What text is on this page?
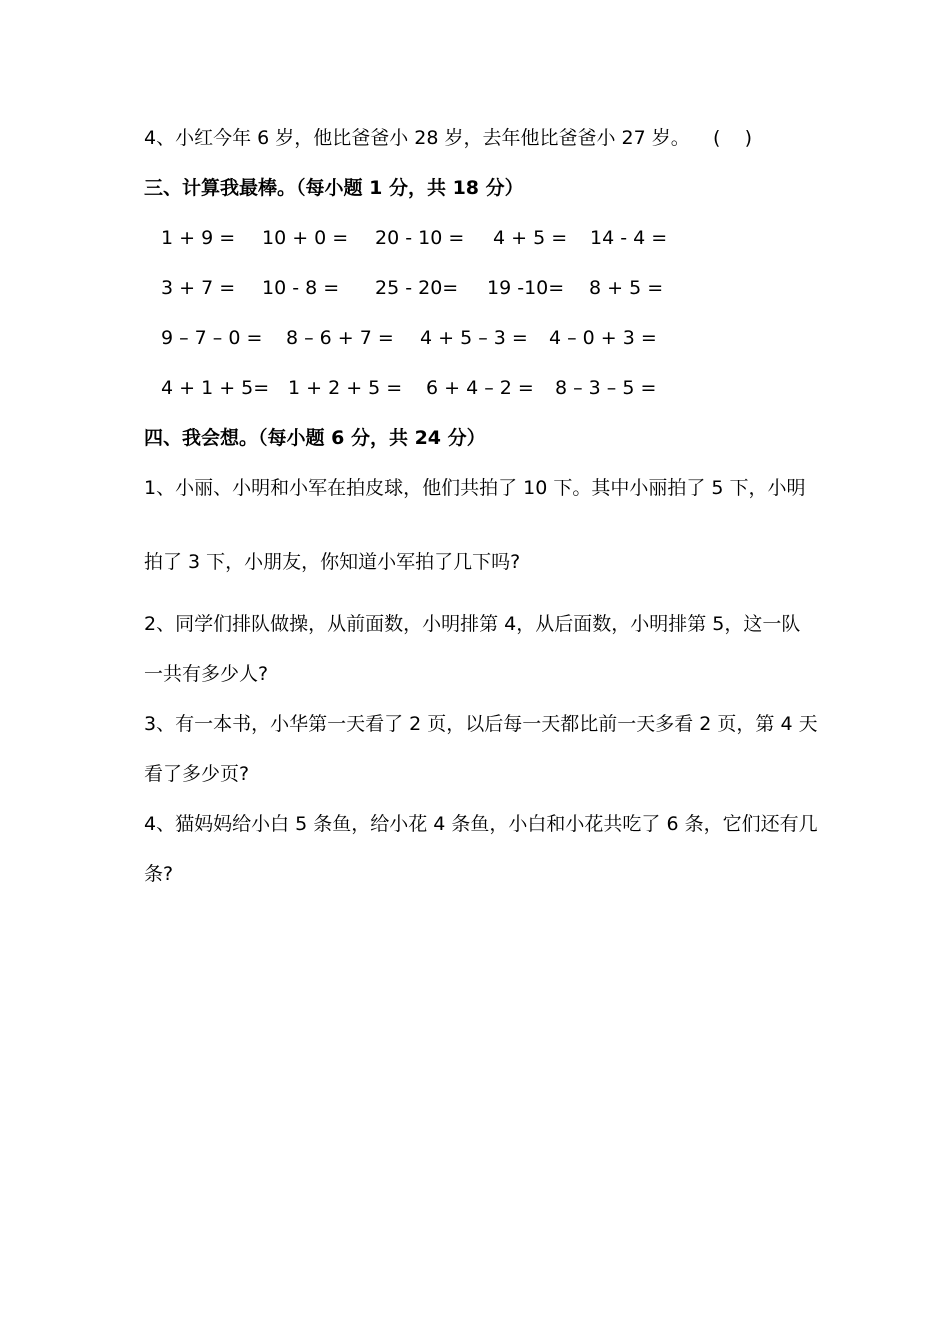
4、小红今年 6 岁，他比爸爸小 28 岁，去年他比爸爸小 27 岁。 (    )
三、计算我最棒。（每小题 1 分，共 18 分）
1 + 9 = 10 + 0 = 20 - 10 = 4 + 5 = 14 - 4 =
3 + 7 = 10 - 8 = 25 - 20= 19 -10= 8 + 5 =
9 – 7 – 0 = 8 – 6 + 7 = 4 + 5 – 3 = 4 – 0 + 3 =
4 + 1 + 5= 1 + 2 + 5 = 6 + 4 – 2 = 8 – 3 – 5 =
四、我会想。（每小题 6 分，共 24 分）
1、小丽、小明和小军在拍皮球，他们共拍了 10 下。其中小丽拍了 5 下，小明
拍了 3 下，小朋友，你知道小军拍了几下吗?
2、同学们排队做操，从前面数，小明排第 4，从后面数，小明排第 5，这一队
一共有多少人?
3、有一本书，小华第一天看了 2 页，以后每一天都比前一天多看 2 页，第 4 天
看了多少页?
4、猫妈妈给小白 5 条鱼，给小花 4 条鱼，小白和小花共吃了 6 条，它们还有几
条?
